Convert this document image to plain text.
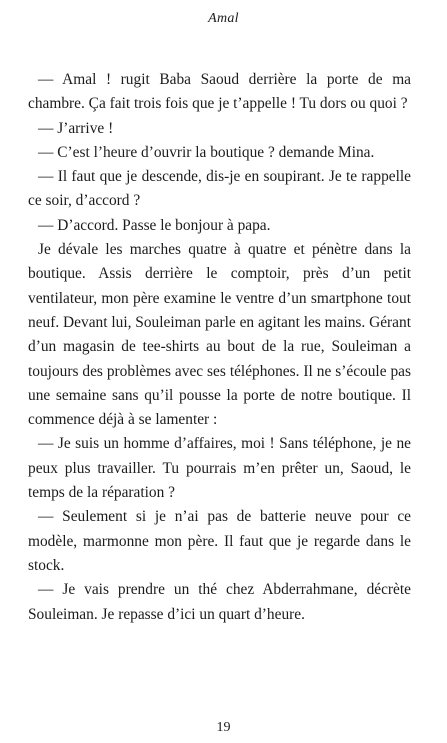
Amal

— Amal ! rugit Baba Saoud derrière la porte de ma chambre. Ça fait trois fois que je t’appelle ! Tu dors ou quoi ?

— J’arrive !

— C’est l’heure d’ouvrir la boutique ? demande Mina.

— Il faut que je descende, dis-je en soupirant. Je te rappelle ce soir, d’accord ?

— D’accord. Passe le bonjour à papa.

Je dévale les marches quatre à quatre et pénètre dans la boutique. Assis derrière le comptoir, près d’un petit ventilateur, mon père examine le ventre d’un smartphone tout neuf. Devant lui, Souleiman parle en agitant les mains. Gérant d’un magasin de tee-shirts au bout de la rue, Souleiman a toujours des problèmes avec ses téléphones. Il ne s’écoule pas une semaine sans qu’il pousse la porte de notre boutique. Il commence déjà à se lamenter :

— Je suis un homme d’affaires, moi ! Sans téléphone, je ne peux plus travailler. Tu pourrais m’en prêter un, Saoud, le temps de la réparation ?

— Seulement si je n’ai pas de batterie neuve pour ce modèle, marmonne mon père. Il faut que je regarde dans le stock.

— Je vais prendre un thé chez Abderrahmane, décrète Souleiman. Je repasse d’ici un quart d’heure.

19
